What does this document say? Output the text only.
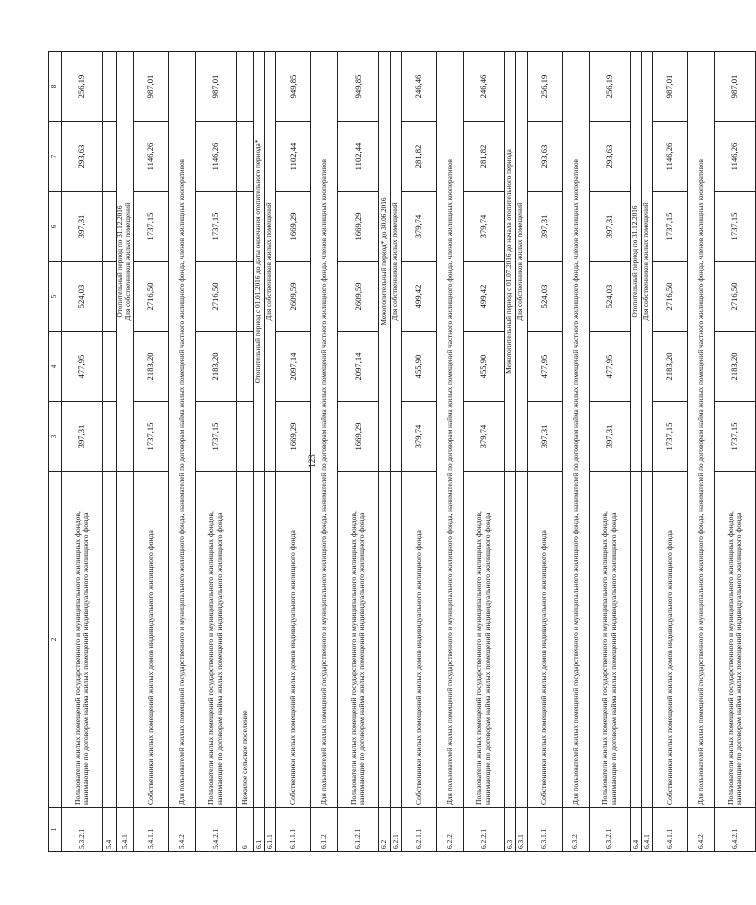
123
1	2	3	4	5	6	7	8
5.3.2.1	Пользователи жилых помещений государственного и муниципального жилищных фондов, нанимающие по договорам найма жилых помещений индивидуального жилищного фонда	397,31	477,95	524,03	397,31	293,63	256,19
5.4							
5.4.1		Отопительный период по 31.12.2016 Для собственников жилых помещений					

5.4.1.1	Собственники жилых помещений жилых домов индивидуального жилищного фонда	1737,15	2183,20	2716,50	1737,15	1146,26	987,01
5.4.2	Для пользователей жилых помещений государственного и муниципального жилищного фонда, нанимателей по договорам найма жилых помещений частного жилищного фонда, членов жилищных кооперативов						
5.4.2.1	Пользователи жилых помещений государственного и муниципального жилищных фондов, нанимающие по договорам найма жилых помещений индивидуального жилищного фонда	1737,15	2183,20	2716,50	1737,15	1146,26	987,01
6	Нежилое сельское поселение						
6.1		Отопительный период с 01.01.2016 до даты окончания отопительного периода*					

6.1.1		Для собственников жилых помещений					

6.1.1.1	Собственники жилых помещений жилых домов индивидуального жилищного фонда	1669,29	2097,14	2609,59	1669,29	1102,44	949,85
6.1.2	Для пользователей жилых помещений государственного и муниципального жилищного фонда, нанимателей по договорам найма жилых помещений частного жилищного фонда, членов жилищных кооперативов						
6.1.2.1	Пользователи жилых помещений государственного и муниципального жилищных фондов, нанимающие по договорам найма жилых помещений индивидуального жилищного фонда	1669,29	2097,14	2609,59	1669,29	1102,44	949,85
6.2		Межотопительный период* до 30.06.2016					

6.2.1		Для собственников жилых помещений					

6.2.1.1	Собственники жилых помещений жилых домов индивидуального жилищного фонда	379,74	455,90	499,42	379,74	281,82	246,46
6.2.2	Для пользователей жилых помещений государственного и муниципального жилищного фонда, нанимателей по договорам найма жилых помещений частного жилищного фонда, членов жилищных кооперативов						
6.2.2.1	Пользователи жилых помещений государственного и муниципального жилищных фондов, нанимающие по договорам найма жилых помещений индивидуального жилищного фонда	379,74	455,90	499,42	379,74	281,82	246,46
6.3		Межотопительный период с 01.07.2016 до начала отопительного периода					

6.3.1		Для собственников жилых помещений					

6.3.1.1	Собственники жилых помещений жилых домов индивидуального жилищного фонда	397,31	477,95	524,03	397,31	293,63	256,19
6.3.2	Для пользователей жилых помещений государственного и муниципального жилищного фонда, нанимателей по договорам найма жилых помещений частного жилищного фонда, членов жилищных кооперативов						
6.3.2.1	Пользователи жилых помещений государственного и муниципального жилищных фондов, нанимающие по договорам найма жилых помещений индивидуального жилищного фонда	397,31	477,95	524,03	397,31	293,63	256,19
6.4		Отопительный период по 31.12.2016					

6.4.1		Для собственников жилых помещений					

6.4.1.1	Собственники жилых помещений жилых домов индивидуального жилищного фонда	1737,15	2183,20	2716,50	1737,15	1146,26	987,01
6.4.2	Для пользователей жилых помещений государственного и муниципального жилищного фонда, нанимателей по договорам найма жилых помещений частного жилищного фонда, членов жилищных кооперативов						
6.4.2.1	Пользователи жилых помещений государственного и муниципального жилищных фондов, нанимающие по договорам найма жилых помещений индивидуального жилищного фонда	1737,15	2183,20	2716,50	1737,15	1146,26	987,01
